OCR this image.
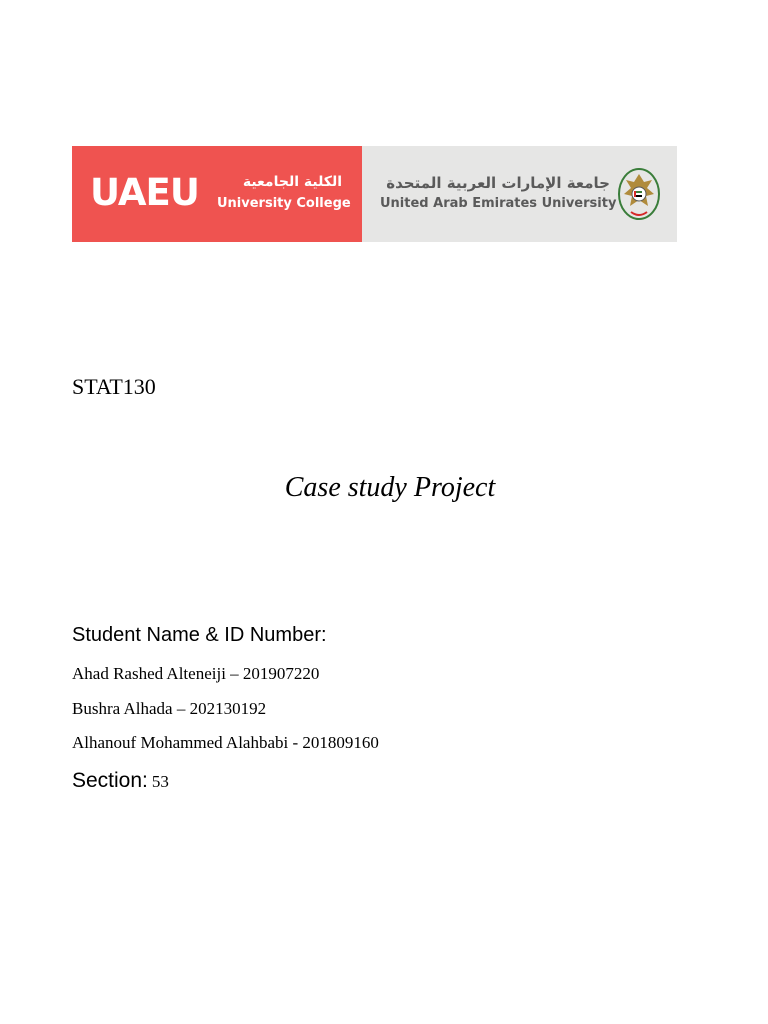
UAEU	الكلية الجامعية
University College
جامعة الإمارات العربية المتحدة
United Arab Emirates University
STAT130
Case study Project
Student Name & ID Number:
Ahad Rashed Alteneiji – 201907220
Bushra Alhada – 202130192
Alhanouf Mohammed Alahbabi - 201809160
Section: 53
